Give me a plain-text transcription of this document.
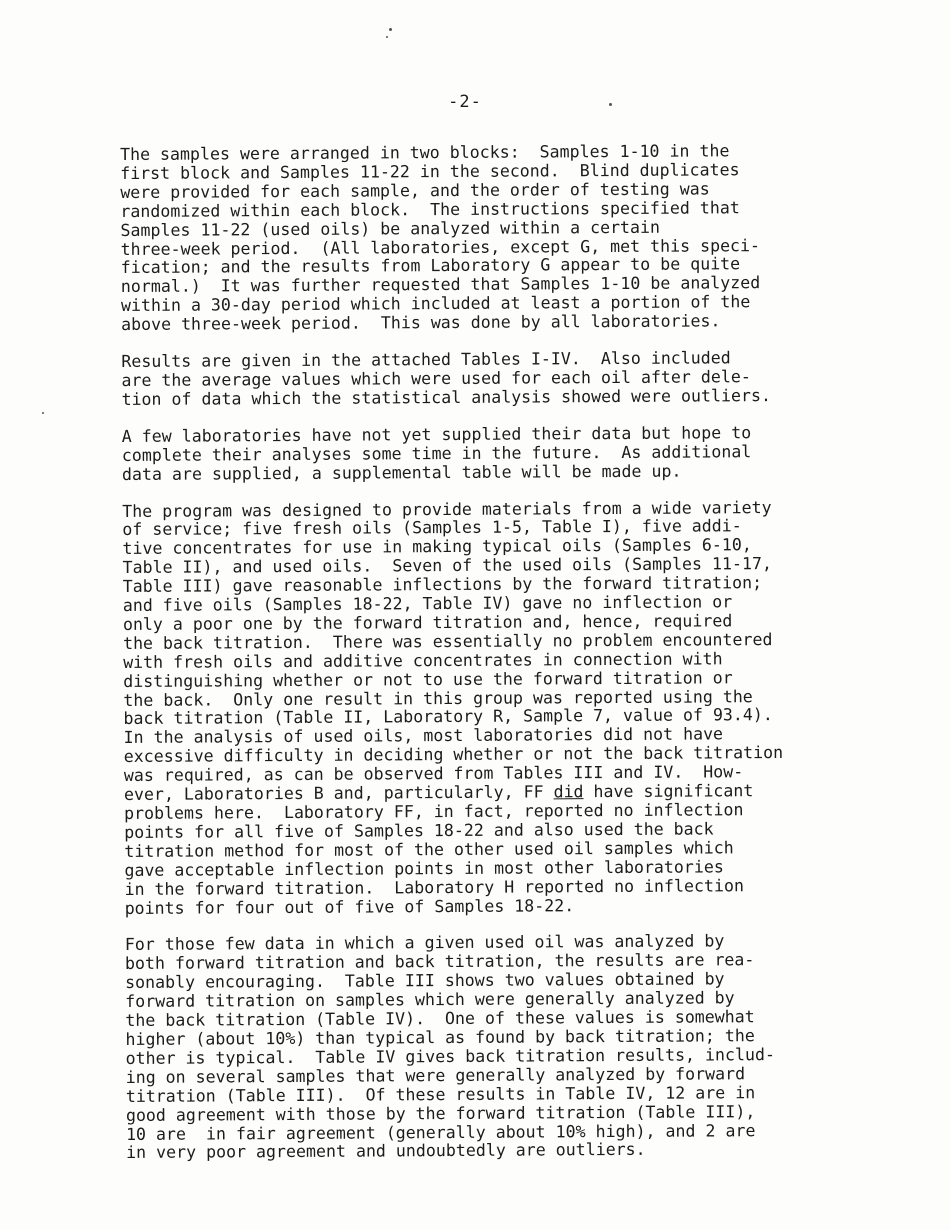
-2-
The samples were arranged in two blocks:  Samples 1-10 in the
first block and Samples 11-22 in the second.  Blind duplicates
were provided for each sample, and the order of testing was
randomized within each block.  The instructions specified that
Samples 11-22 (used oils) be analyzed within a certain
three-week period.  (All laboratories, except G, met this speci-
fication; and the results from Laboratory G appear to be quite
normal.)  It was further requested that Samples 1-10 be analyzed
within a 30-day period which included at least a portion of the
above three-week period.  This was done by all laboratories.
Results are given in the attached Tables I-IV.  Also included
are the average values which were used for each oil after dele-
tion of data which the statistical analysis showed were outliers.
A few laboratories have not yet supplied their data but hope to
complete their analyses some time in the future.  As additional
data are supplied, a supplemental table will be made up.
The program was designed to provide materials from a wide variety
of service; five fresh oils (Samples 1-5, Table I), five addi-
tive concentrates for use in making typical oils (Samples 6-10,
Table II), and used oils.  Seven of the used oils (Samples 11-17,
Table III) gave reasonable inflections by the forward titration;
and five oils (Samples 18-22, Table IV) gave no inflection or
only a poor one by the forward titration and, hence, required
the back titration.  There was essentially no problem encountered
with fresh oils and additive concentrates in connection with
distinguishing whether or not to use the forward titration or
the back.  Only one result in this group was reported using the
back titration (Table II, Laboratory R, Sample 7, value of 93.4).
In the analysis of used oils, most laboratories did not have
excessive difficulty in deciding whether or not the back titration
was required, as can be observed from Tables III and IV.  How-
ever, Laboratories B and, particularly, FF did have significant
problems here.  Laboratory FF, in fact, reported no inflection
points for all five of Samples 18-22 and also used the back
titration method for most of the other used oil samples which
gave acceptable inflection points in most other laboratories
in the forward titration.  Laboratory H reported no inflection
points for four out of five of Samples 18-22.
For those few data in which a given used oil was analyzed by
both forward titration and back titration, the results are rea-
sonably encouraging.  Table III shows two values obtained by
forward titration on samples which were generally analyzed by
the back titration (Table IV).  One of these values is somewhat
higher (about 10%) than typical as found by back titration; the
other is typical.  Table IV gives back titration results, includ-
ing on several samples that were generally analyzed by forward
titration (Table III).  Of these results in Table IV, 12 are in
good agreement with those by the forward titration (Table III),
10 are  in fair agreement (generally about 10% high), and 2 are
in very poor agreement and undoubtedly are outliers.
